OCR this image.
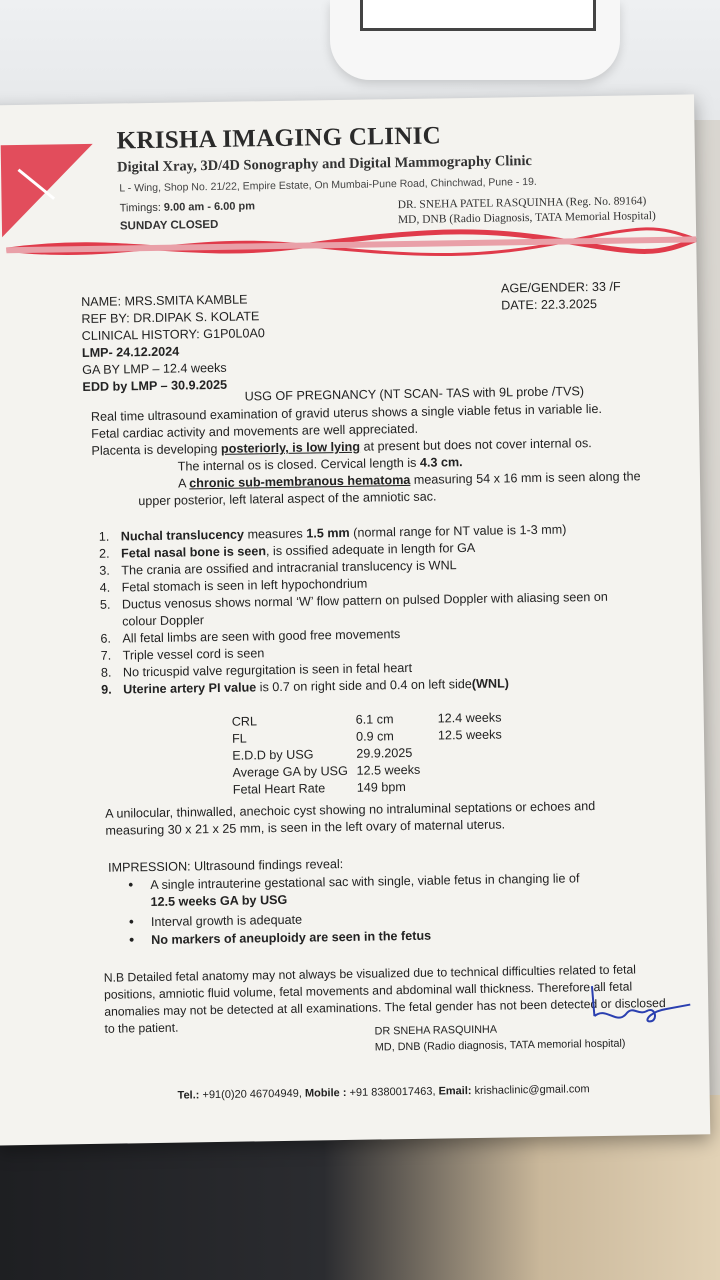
KRISHA IMAGING CLINIC
Digital Xray, 3D/4D Sonography and Digital Mammography Clinic
L - Wing, Shop No. 21/22, Empire Estate, On Mumbai-Pune Road, Chinchwad, Pune - 19.
Timings: 9.00 am - 6.00 pm
SUNDAY CLOSED
DR. SNEHA PATEL RASQUINHA (Reg. No. 89164)
MD, DNB (Radio Diagnosis, TATA Memorial Hospital)
NAME: MRS.SMITA KAMBLE
REF BY: DR.DIPAK S. KOLATE
CLINICAL HISTORY: G1P0L0A0
LMP- 24.12.2024
GA BY LMP – 12.4 weeks
EDD by LMP – 30.9.2025
AGE/GENDER: 33 /F
DATE: 22.3.2025
USG OF PREGNANCY (NT SCAN- TAS with 9L probe /TVS)
Real time ultrasound examination of gravid uterus shows a single viable fetus in variable lie.
Fetal cardiac activity and movements are well appreciated.
Placenta is developing posteriorly, is low lying at present but does not cover internal os.
The internal os is closed. Cervical length is 4.3 cm.
A chronic sub-membranous hematoma measuring 54 x 16 mm is seen along the
upper posterior, left lateral aspect of the amniotic sac.
1. Nuchal translucency measures 1.5 mm (normal range for NT value is 1-3 mm)
2. Fetal nasal bone is seen, is ossified adequate in length for GA
3. The crania are ossified and intracranial translucency is WNL
4. Fetal stomach is seen in left hypochondrium
5. Ductus venosus shows normal ‘W’ flow pattern on pulsed Doppler with aliasing seen on
colour Doppler
6. All fetal limbs are seen with good free movements
7. Triple vessel cord is seen
8. No tricuspid valve regurgitation is seen in fetal heart
9. Uterine artery PI value is 0.7 on right side and 0.4 on left side(WNL)
CRL	6.1 cm	12.4 weeks
FL	0.9 cm	12.5 weeks
E.D.D by USG	29.9.2025
Average GA by USG 12.5 weeks
Fetal Heart Rate 149 bpm
A unilocular, thinwalled, anechoic cyst showing no intraluminal septations or echoes and
measuring 30 x 21 x 25 mm, is seen in the left ovary of maternal uterus.
IMPRESSION: Ultrasound findings reveal:
• A single intrauterine gestational sac with single, viable fetus in changing lie of
12.5 weeks GA by USG
• Interval growth is adequate
• No markers of aneuploidy are seen in the fetus
N.B Detailed fetal anatomy may not always be visualized due to technical difficulties related to fetal
positions, amniotic fluid volume, fetal movements and abdominal wall thickness. Therefore all fetal
anomalies may not be detected at all examinations. The fetal gender has not been detected or disclosed
to the patient.	DR SNEHA RASQUINHA
MD, DNB (Radio diagnosis, TATA memorial hospital)
Tel.: +91(0)20 46704949, Mobile : +91 8380017463, Email: krishaclinic@gmail.com
